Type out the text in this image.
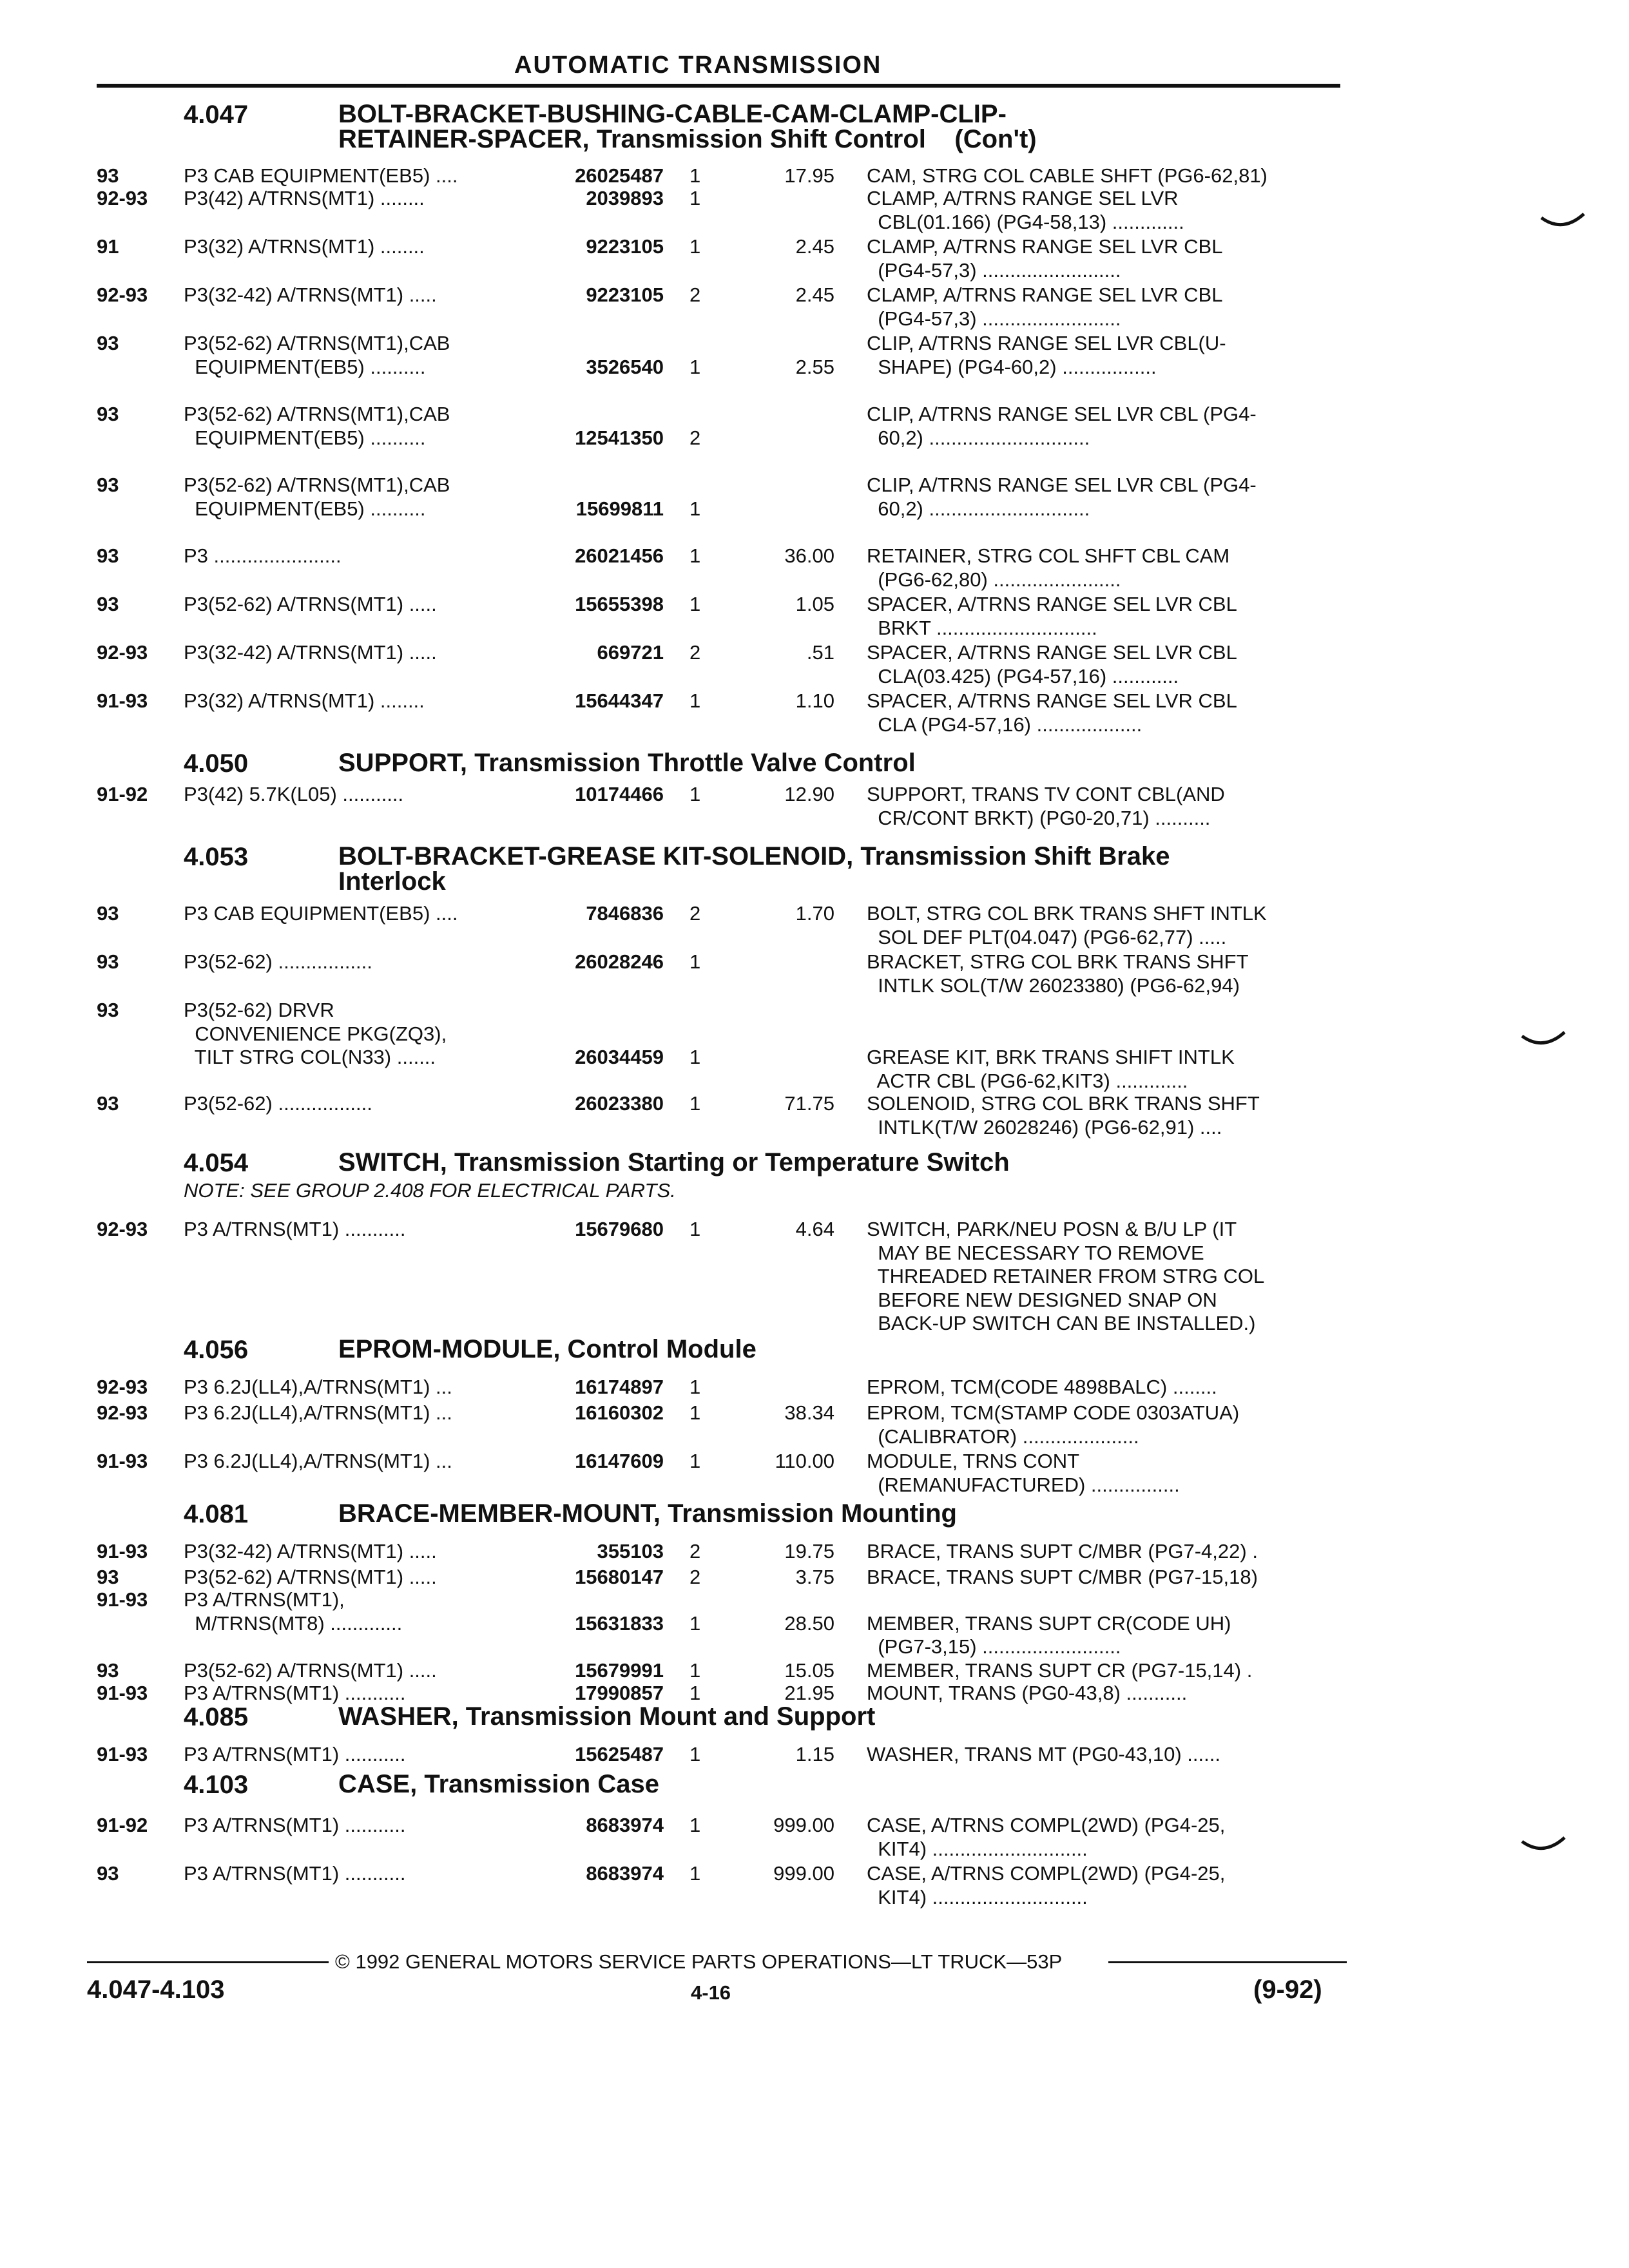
AUTOMATIC TRANSMISSION
4.047	BOLT-BRACKET-BUSHING-CABLE-CAM-CLAMP-CLIP-
RETAINER-SPACER, Transmission Shift Control    (Con't)
93	P3 CAB EQUIPMENT(EB5) ....	26025487 1	17.95 CAM, STRG COL CABLE SHFT (PG6-62,81)
92-93 P3(42) A/TRNS(MT1) ........	2039893 1	CLAMP, A/TRNS RANGE SEL LVR
CBL(01.166) (PG4-58,13) .............
91	P3(32) A/TRNS(MT1) ........	9223105 1	2.45 CLAMP, A/TRNS RANGE SEL LVR CBL
(PG4-57,3) .........................
92-93 P3(32-42) A/TRNS(MT1) .....	9223105 2	2.45 CLAMP, A/TRNS RANGE SEL LVR CBL
(PG4-57,3) .........................
93	P3(52-62) A/TRNS(MT1),CAB
EQUIPMENT(EB5) ..........	3526540 1	2.55
CLIP, A/TRNS RANGE SEL LVR CBL(U-
SHAPE) (PG4-60,2) .................
93	P3(52-62) A/TRNS(MT1),CAB
EQUIPMENT(EB5) ..........	12541350 2
CLIP, A/TRNS RANGE SEL LVR CBL (PG4-
60,2) .............................
93	P3(52-62) A/TRNS(MT1),CAB
EQUIPMENT(EB5) ..........	15699811 1
CLIP, A/TRNS RANGE SEL LVR CBL (PG4-
60,2) .............................
93	P3 .......................	26021456 1	36.00 RETAINER, STRG COL SHFT CBL CAM
(PG6-62,80) .......................
93	P3(52-62) A/TRNS(MT1) .....	15655398 1	1.05 SPACER, A/TRNS RANGE SEL LVR CBL
BRKT .............................
92-93 P3(32-42) A/TRNS(MT1) .....	669721 2	.51 SPACER, A/TRNS RANGE SEL LVR CBL
CLA(03.425) (PG4-57,16) ............
91-93 P3(32) A/TRNS(MT1) ........	15644347 1	1.10 SPACER, A/TRNS RANGE SEL LVR CBL
CLA (PG4-57,16) ...................
4.050	SUPPORT, Transmission Throttle Valve Control
91-92 P3(42) 5.7K(L05) ...........	10174466 1	12.90 SUPPORT, TRANS TV CONT CBL(AND
CR/CONT BRKT) (PG0-20,71) ..........
4.053	BOLT-BRACKET-GREASE KIT-SOLENOID, Transmission Shift Brake
Interlock
93	P3 CAB EQUIPMENT(EB5) ....	7846836 2	1.70 BOLT, STRG COL BRK TRANS SHFT INTLK
SOL DEF PLT(04.047) (PG6-62,77) .....
93	P3(52-62) .................	26028246 1	BRACKET, STRG COL BRK TRANS SHFT
INTLK SOL(T/W 26023380) (PG6-62,94)
93	P3(52-62) DRVR
CONVENIENCE PKG(ZQ3),
TILT STRG COL(N33) .......	26034459 1	GREASE KIT, BRK TRANS SHIFT INTLK
ACTR CBL (PG6-62,KIT3) .............
93	P3(52-62) .................	26023380 1	71.75 SOLENOID, STRG COL BRK TRANS SHFT
INTLK(T/W 26028246) (PG6-62,91) ....
4.054	SWITCH, Transmission Starting or Temperature Switch
NOTE: SEE GROUP 2.408 FOR ELECTRICAL PARTS.
92-93 P3 A/TRNS(MT1) ...........	15679680 1	4.64 SWITCH, PARK/NEU POSN & B/U LP (IT
MAY BE NECESSARY TO REMOVE
THREADED RETAINER FROM STRG COL
BEFORE NEW DESIGNED SNAP ON
BACK-UP SWITCH CAN BE INSTALLED.)
4.056	EPROM-MODULE, Control Module
92-93 P3 6.2J(LL4),A/TRNS(MT1) ...	16174897 1	EPROM, TCM(CODE 4898BALC) ........
92-93 P3 6.2J(LL4),A/TRNS(MT1) ...	16160302 1	38.34 EPROM, TCM(STAMP CODE 0303ATUA)
(CALIBRATOR) .....................
91-93 P3 6.2J(LL4),A/TRNS(MT1) ...	16147609 1	110.00 MODULE, TRNS CONT
(REMANUFACTURED) ................
4.081	BRACE-MEMBER-MOUNT, Transmission Mounting
91-93 P3(32-42) A/TRNS(MT1) .....	355103 2	19.75 BRACE, TRANS SUPT C/MBR (PG7-4,22) .
93	P3(52-62) A/TRNS(MT1) .....	15680147 2	3.75 BRACE, TRANS SUPT C/MBR (PG7-15,18)
91-93 P3 A/TRNS(MT1),
M/TRNS(MT8) .............	15631833 1	28.50 MEMBER, TRANS SUPT CR(CODE UH)
(PG7-3,15) .........................
93	P3(52-62) A/TRNS(MT1) .....	15679991 1	15.05 MEMBER, TRANS SUPT CR (PG7-15,14) .
91-93 P3 A/TRNS(MT1) ...........	17990857 1	21.95 MOUNT, TRANS (PG0-43,8) ...........
4.085	WASHER, Transmission Mount and Support
91-93 P3 A/TRNS(MT1) ...........	15625487 1	1.15 WASHER, TRANS MT (PG0-43,10) ......
4.103	CASE, Transmission Case
91-92 P3 A/TRNS(MT1) ...........	8683974 1	999.00 CASE, A/TRNS COMPL(2WD) (PG4-25,
KIT4) ............................
93	P3 A/TRNS(MT1) ...........	8683974 1	999.00 CASE, A/TRNS COMPL(2WD) (PG4-25,
KIT4) ............................
© 1992 GENERAL MOTORS SERVICE PARTS OPERATIONS—LT TRUCK—53P
4.047-4.103	4-16	(9-92)
